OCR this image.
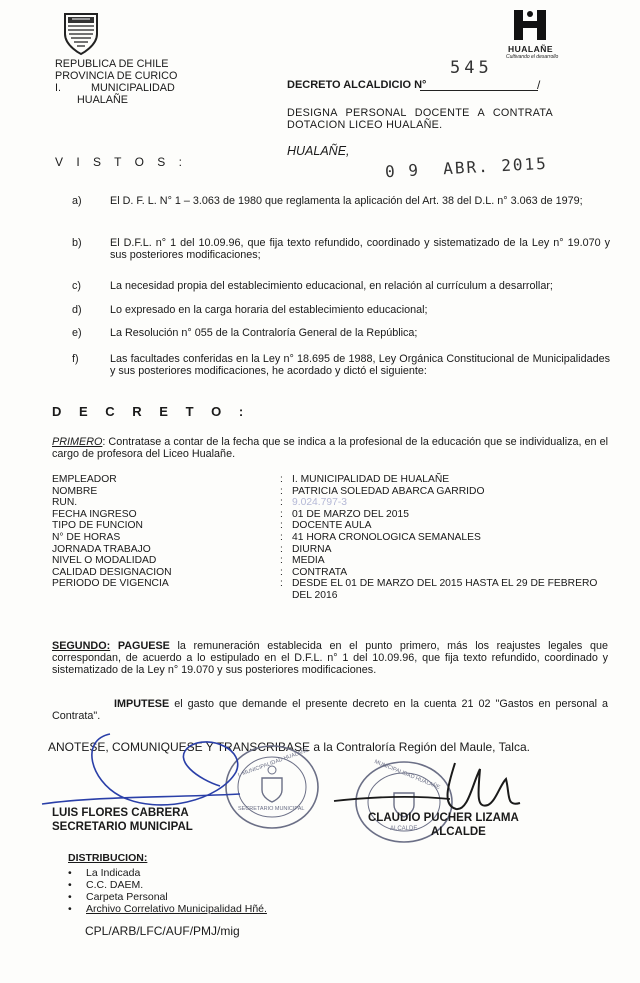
REPUBLICA DE CHILE
PROVINCIA DE CURICO
I.          MUNICIPALIDAD
HUALAÑE
HUALAÑE
Cultivando el desarrollo
DECRETO ALCALDICIO N°
545
/
DESIGNA PERSONAL DOCENTE A CONTRATA
DOTACION LICEO HUALAÑE.
HUALAÑE,
0 9  ABR. 2015
V I S T O S :
a)	El D. F. L. N° 1 – 3.063 de 1980 que reglamenta la aplicación del Art. 38 del D.L. n° 3.063 de 1979;
b)	El D.F.L. n° 1 del 10.09.96, que fija texto refundido, coordinado y sistematizado de la Ley n° 19.070 y sus posteriores modificaciones;
c)	La necesidad propia del establecimiento educacional, en relación al currículum a desarrollar;
d)	Lo expresado en la carga horaria del establecimiento educacional;
e)	La Resolución n° 055 de la Contraloría General de la República;
f)	Las facultades conferidas en la Ley n° 18.695 de 1988, Ley Orgánica Constitucional de Municipalidades y sus posteriores modificaciones, he acordado y dictó el siguiente:
D E C R E T O :
PRIMERO: Contratase a contar de la fecha que se indica a la profesional de la educación que se individualiza, en el cargo de profesora del Liceo Hualañe.
EMPLEADOR	: I. MUNICIPALIDAD DE HUALAÑE
NOMBRE	: PATRICIA SOLEDAD ABARCA GARRIDO
RUN.	: 9.024.797-3
FECHA INGRESO	: 01 DE MARZO DEL 2015
TIPO DE FUNCION	: DOCENTE AULA
N° DE HORAS	: 41 HORA CRONOLOGICA SEMANALES
JORNADA TRABAJO	: DIURNA
NIVEL O MODALIDAD	: MEDIA
CALIDAD DESIGNACION	: CONTRATA
PERIODO DE VIGENCIA	: DESDE EL 01 DE MARZO DEL 2015 HASTA EL 29 DE FEBRERO DEL 2016
SEGUNDO: PAGUESE la remuneración establecida en el punto primero, más los reajustes legales que correspondan, de acuerdo a lo estipulado en el D.F.L. n° 1 del 10.09.96, que fija texto refundido, coordinado y sistematizado de la Ley n° 19.070 y sus posteriores modificaciones.
IMPUTESE el gasto que demande el presente decreto en la cuenta 21 02 "Gastos en personal a Contrata".
ANOTESE, COMUNIQUESE Y TRANSCRIBASE a la Contraloría Región del Maule, Talca.
I. MUNICIPALIDAD HUALAÑE
SECRETARIO MUNICIPAL
MUNICIPALIDAD HUALAÑE
ALCALDE
LUIS FLORES CABRERA
SECRETARIO MUNICIPAL
CLAUDIO PUCHER LIZAMA
ALCALDE
DISTRIBUCION:
• La Indicada
• C.C. DAEM.
• Carpeta Personal
• Archivo Correlativo Municipalidad Hñé.
CPL/ARB/LFC/AUF/PMJ/mig
